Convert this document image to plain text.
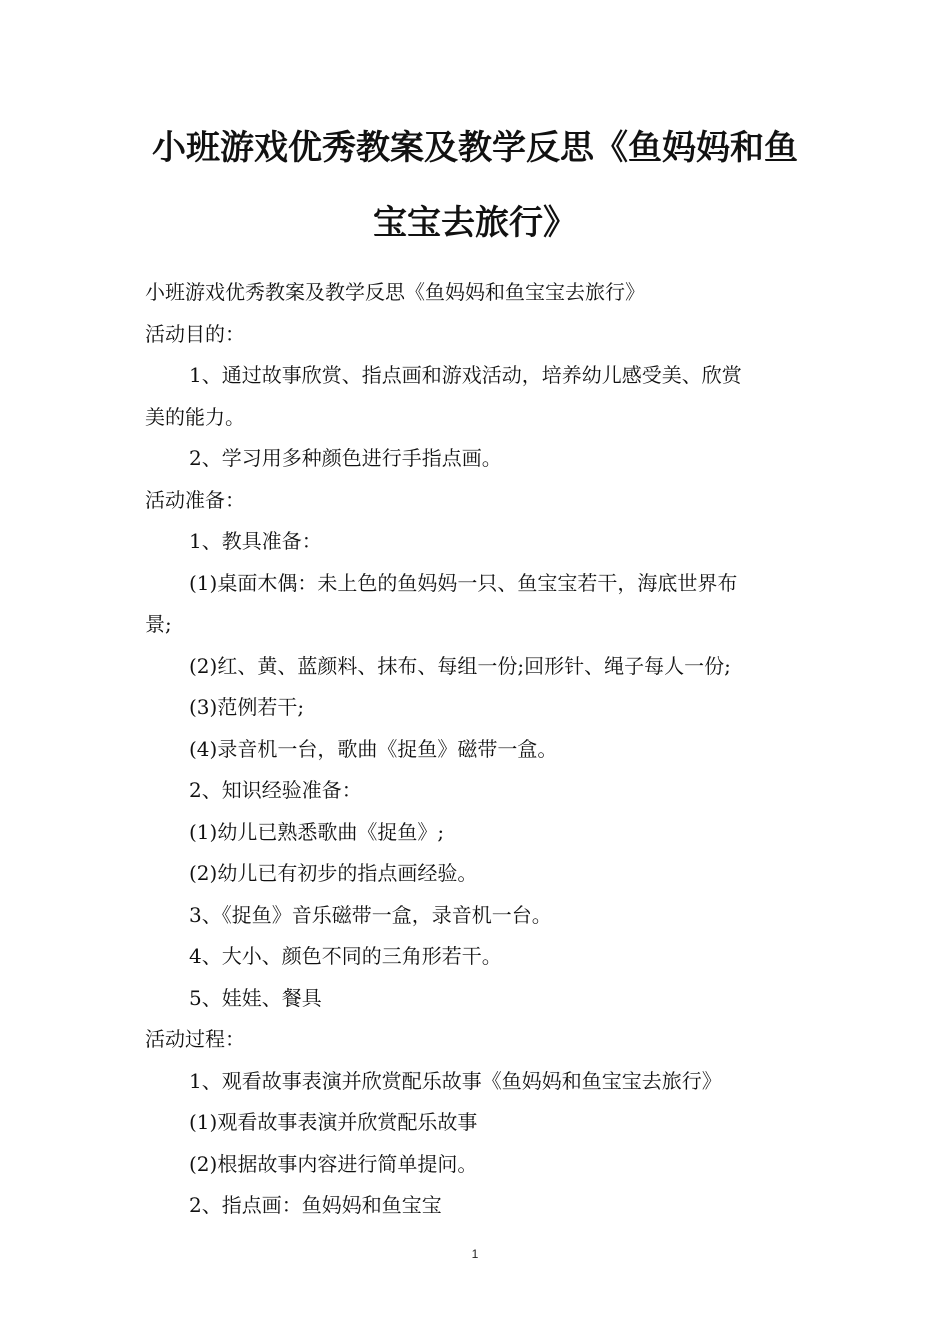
小班游戏优秀教案及教学反思《鱼妈妈和鱼
宝宝去旅行》

小班游戏优秀教案及教学反思《鱼妈妈和鱼宝宝去旅行》

活动目的：

1、通过故事欣赏、指点画和游戏活动，培养幼儿感受美、欣赏

美的能力。

2、学习用多种颜色进行手指点画。

活动准备：

1、教具准备：

(1)桌面木偶：未上色的鱼妈妈一只、鱼宝宝若干，海底世界布

景;

(2)红、黄、蓝颜料、抹布、每组一份;回形针、绳子每人一份;

(3)范例若干;

(4)录音机一台，歌曲《捉鱼》磁带一盒。

2、知识经验准备：

(1)幼儿已熟悉歌曲《捉鱼》;

(2)幼儿已有初步的指点画经验。

3、《捉鱼》音乐磁带一盒，录音机一台。

4、大小、颜色不同的三角形若干。

5、娃娃、餐具

活动过程：

1、观看故事表演并欣赏配乐故事《鱼妈妈和鱼宝宝去旅行》

(1)观看故事表演并欣赏配乐故事

(2)根据故事内容进行简单提问。

2、指点画：鱼妈妈和鱼宝宝

1
